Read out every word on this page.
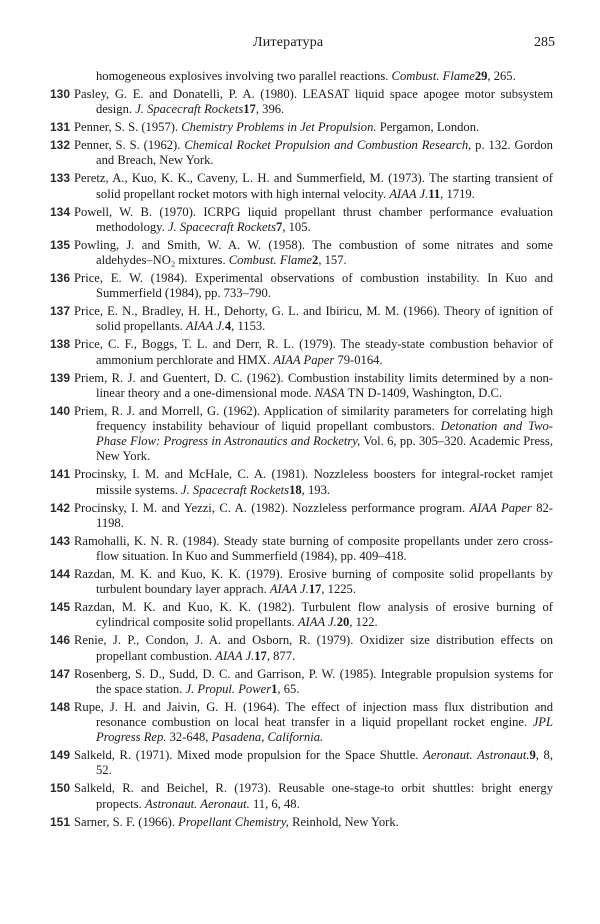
Литература	285
homogeneous explosives involving two parallel reactions. Combust. Flame29, 265.
130 Pasley, G. E. and Donatelli, P. A. (1980). LEASAT liquid space apogee motor subsystem design. J. Spacecraft Rockets17, 396.
131 Penner, S. S. (1957). Chemistry Problems in Jet Propulsion. Pergamon, London.
132 Penner, S. S. (1962). Chemical Rocket Propulsion and Combustion Research, p. 132. Gordon and Breach, New York.
133 Peretz, A., Kuo, K. K., Caveny, L. H. and Summerfield, M. (1973). The starting transient of solid propellant rocket motors with high internal velocity. AIAA J.11, 1719.
134 Powell, W. B. (1970). ICRPG liquid propellant thrust chamber performance evaluation methodology. J. Spacecraft Rockets7, 105.
135 Powling, J. and Smith, W. A. W. (1958). The combustion of some nitrates and some aldehydes–NO₂ mixtures. Combust. Flame2, 157.
136 Price, E. W. (1984). Experimental observations of combustion instability. In Kuo and Summerfield (1984), pp. 733–790.
137 Price, E. N., Bradley, H. H., Dehorty, G. L. and Ibiricu, M. M. (1966). Theory of ignition of solid propellants. AIAA J.4, 1153.
138 Price, C. F., Boggs, T. L. and Derr, R. L. (1979). The steady-state combustion behavior of ammonium perchlorate and HMX. AIAA Paper 79-0164.
139 Priem, R. J. and Guentert, D. C. (1962). Combustion instability limits determined by a non-linear theory and a one-dimensional mode. NASA TN D-1409, Washington, D.C.
140 Priem, R. J. and Morrell, G. (1962). Application of similarity parameters for correlating high frequency instability behaviour of liquid propellant combustors. Detonation and Two-Phase Flow: Progress in Astronautics and Rocketry, Vol. 6, pp. 305–320. Academic Press, New York.
141 Procinsky, I. M. and McHale, C. A. (1981). Nozzleless boosters for integral-rocket ramjet missile systems. J. Spacecraft Rockets18, 193.
142 Procinsky, I. M. and Yezzi, C. A. (1982). Nozzleless performance program. AIAA Paper 82-1198.
143 Ramohalli, K. N. R. (1984). Steady state burning of composite propellants under zero cross-flow situation. In Kuo and Summerfield (1984), pp. 409–418.
144 Razdan, M. K. and Kuo, K. K. (1979). Erosive burning of composite solid propellants by turbulent boundary layer apprach. AIAA J.17, 1225.
145 Razdan, M. K. and Kuo, K. K. (1982). Turbulent flow analysis of erosive burning of cylindrical composite solid propellants. AIAA J.20, 122.
146 Renie, J. P., Condon, J. A. and Osborn, R. (1979). Oxidizer size distribution effects on propellant combustion. AIAA J.17, 877.
147 Rosenberg, S. D., Sudd, D. C. and Garrison, P. W. (1985). Integrable propulsion systems for the space station. J. Propul. Power1, 65.
148 Rupe, J. H. and Jaivin, G. H. (1964). The effect of injection mass flux distribution and resonance combustion on local heat transfer in a liquid propellant rocket engine. JPL Progress Rep. 32-648, Pasadena, California.
149 Salkeld, R. (1971). Mixed mode propulsion for the Space Shuttle. Aeronaut. Astronaut.9, 8, 52.
150 Salkeld, R. and Beichel, R. (1973). Reusable one-stage-to orbit shuttles: bright energy propects. Astronaut. Aeronaut. 11, 6, 48.
151 Sarner, S. F. (1966). Propellant Chemistry, Reinhold, New York.
